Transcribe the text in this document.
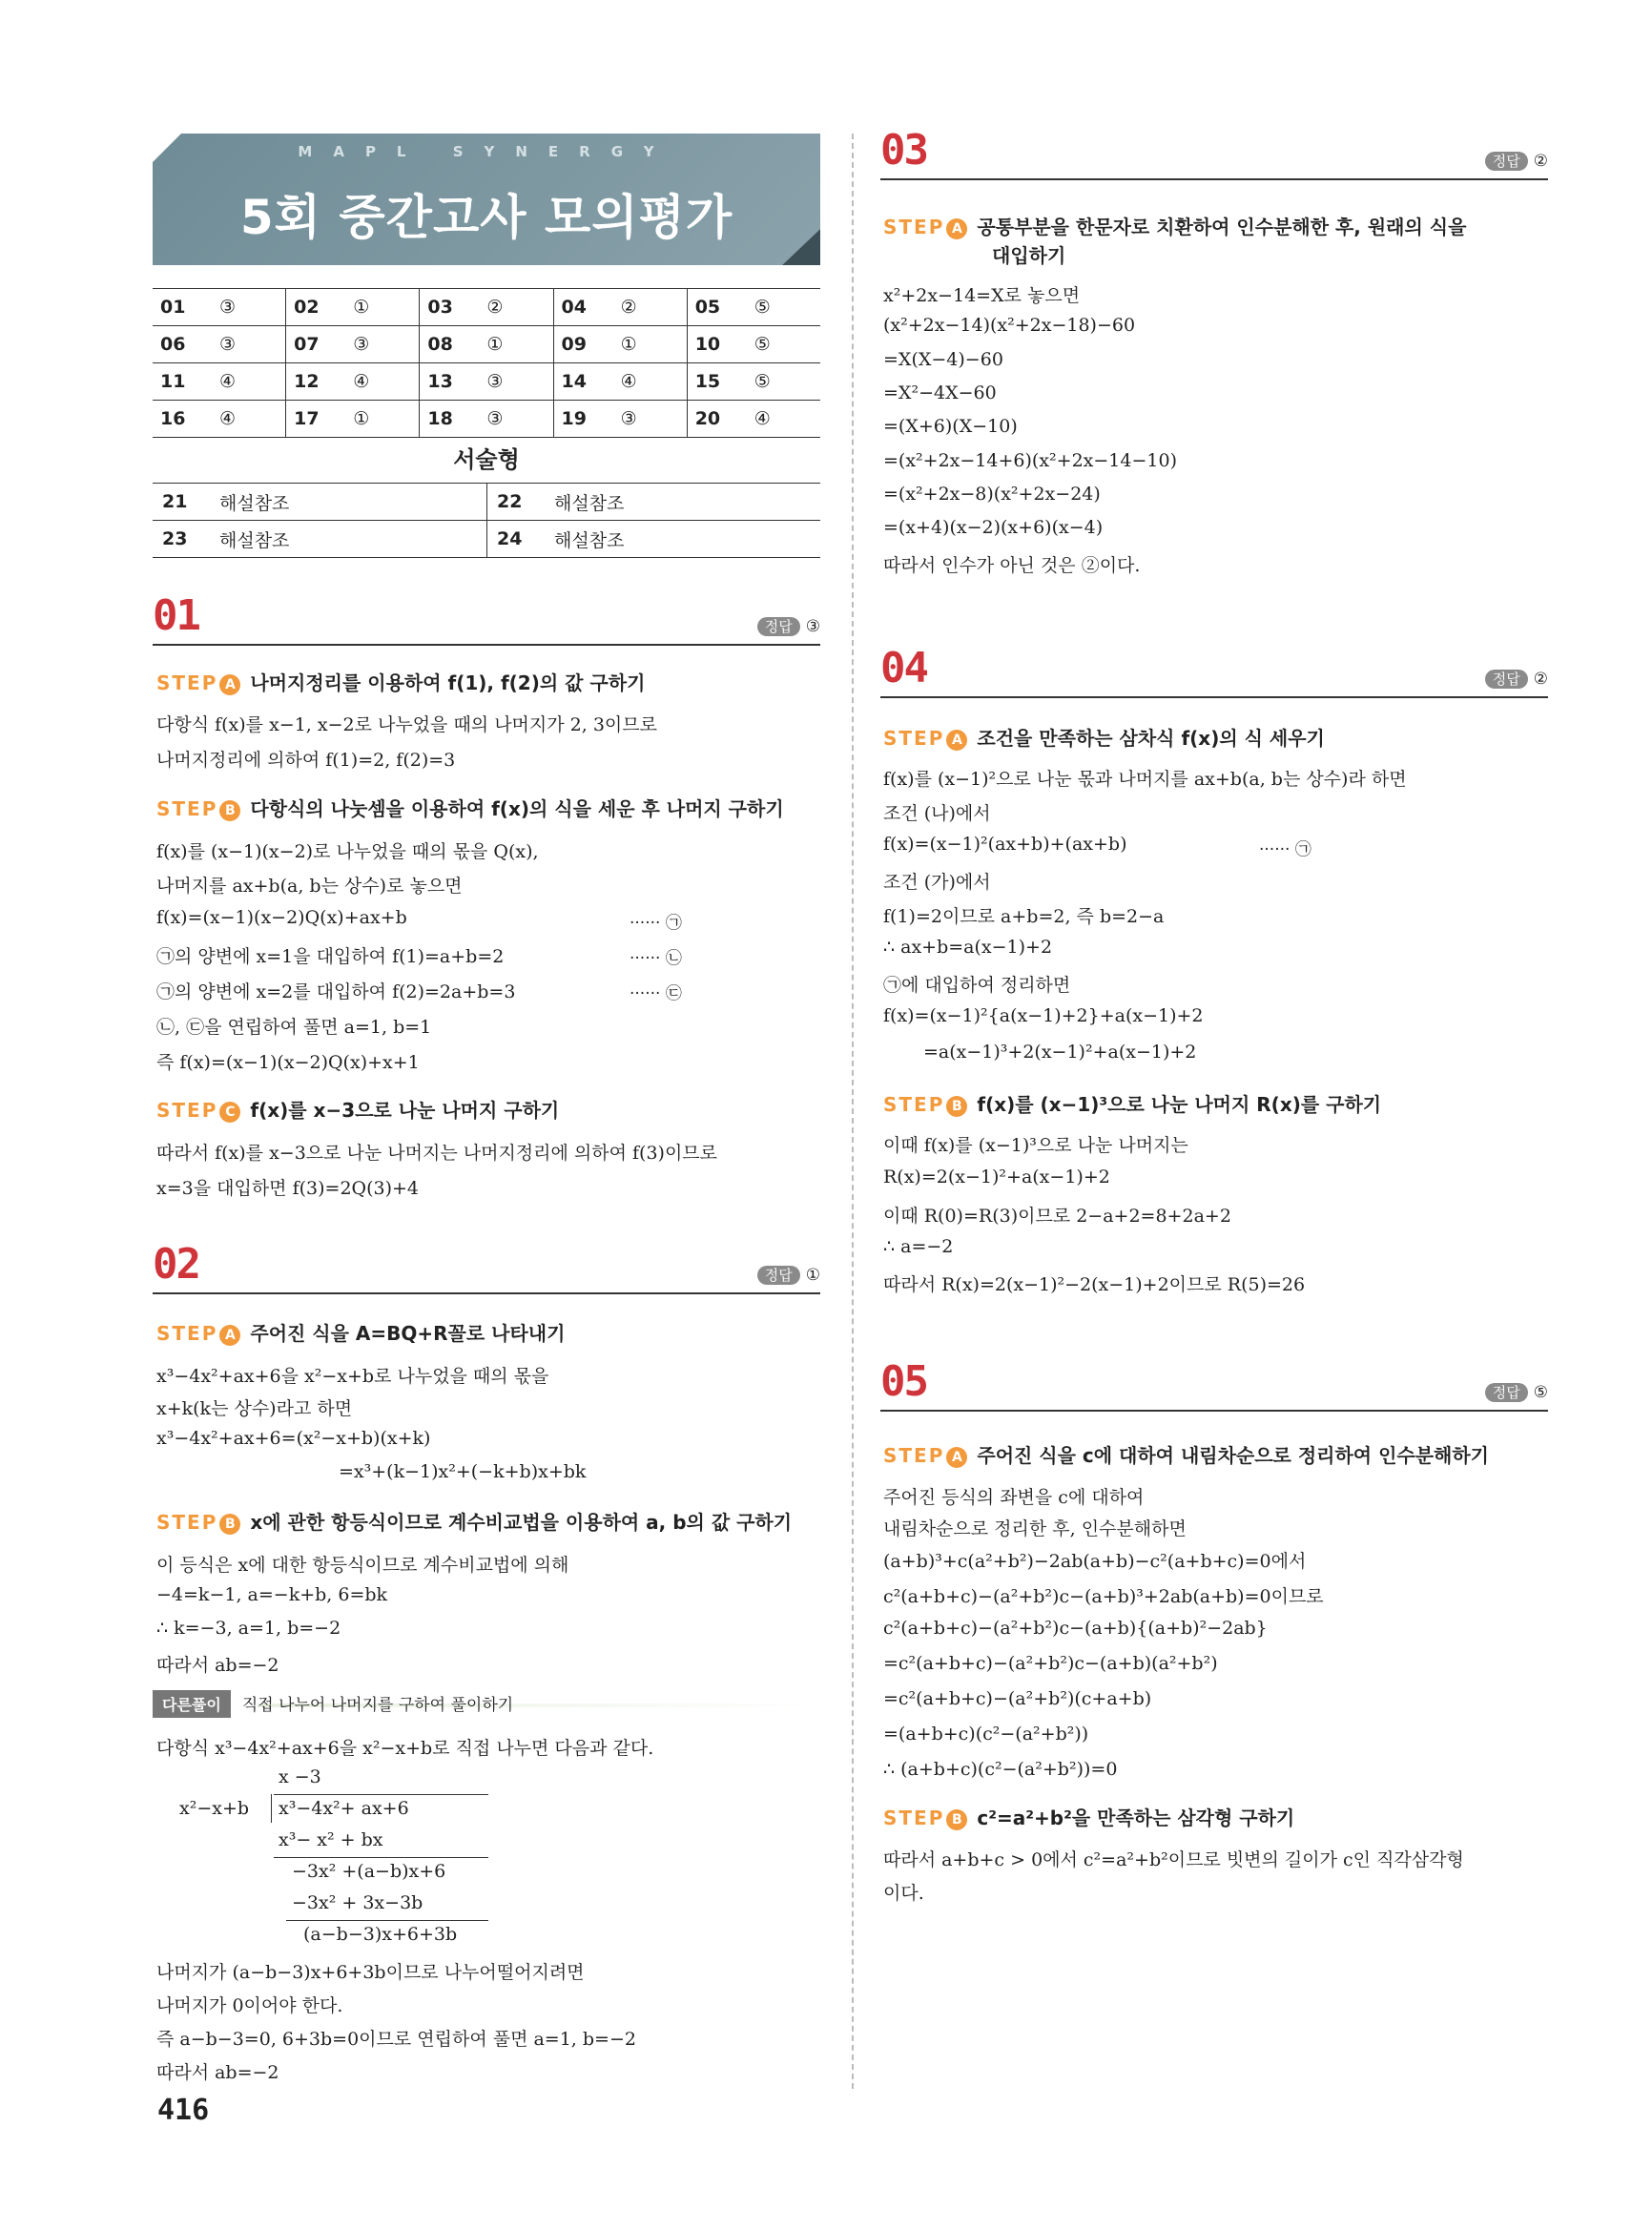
MAPL SYNERGY
5회 중간고사 모의평가
01	③	02	①	03	②	04	②	05	⑤
06	③	07	③	08	①	09	①	10	⑤
11	④	12	④	13	③	14	④	15	⑤
16	④	17	①	18	③	19	③	20	④
서술형
21	해설참조	22	해설참조
23	해설참조	24	해설참조
01	정답 ③
STEP A 나머지정리를 이용하여 f(1), f(2)의 값 구하기
다항식 f(x)를 x−1, x−2로 나누었을 때의 나머지가 2, 3이므로
나머지정리에 의하여 f(1)=2, f(2)=3
STEP B 다항식의 나눗셈을 이용하여 f(x)의 식을 세운 후 나머지 구하기
f(x)를 (x−1)(x−2)로 나누었을 때의 몫을 Q(x),
나머지를 ax+b(a, b는 상수)로 놓으면
f(x)=(x−1)(x−2)Q(x)+ax+b	······ ㉠
㉠의 양변에 x=1을 대입하여 f(1)=a+b=2	······ ㉡
㉠의 양변에 x=2를 대입하여 f(2)=2a+b=3	······ ㉢
㉡, ㉢을 연립하여 풀면 a=1, b=1
즉 f(x)=(x−1)(x−2)Q(x)+x+1
STEP C f(x)를 x−3으로 나눈 나머지 구하기
따라서 f(x)를 x−3으로 나눈 나머지는 나머지정리에 의하여 f(3)이므로
x=3을 대입하면 f(3)=2Q(3)+4
02	정답 ①
STEP A 주어진 식을 A=BQ+R꼴로 나타내기
x³−4x²+ax+6을 x²−x+b로 나누었을 때의 몫을
x+k(k는 상수)라고 하면
x³−4x²+ax+6=(x²−x+b)(x+k)
=x³+(k−1)x²+(−k+b)x+bk
STEP B x에 관한 항등식이므로 계수비교법을 이용하여 a, b의 값 구하기
이 등식은 x에 대한 항등식이므로 계수비교법에 의해
−4=k−1, a=−k+b, 6=bk
∴ k=−3, a=1, b=−2
따라서 ab=−2
다른풀이 직접 나누어 나머지를 구하여 풀이하기
다항식 x³−4x²+ax+6을 x²−x+b로 직접 나누면 다음과 같다.
x −3
x²−x+b x³−4x²+ ax+6
x³− x² + bx
−3x² +(a−b)x+6
−3x² + 3x−3b
(a−b−3)x+6+3b
나머지가 (a−b−3)x+6+3b이므로 나누어떨어지려면
나머지가 0이어야 한다.
즉 a−b−3=0, 6+3b=0이므로 연립하여 풀면 a=1, b=−2
따라서 ab=−2
416
03	정답 ②
STEP A 공통부분을 한문자로 치환하여 인수분해한 후, 원래의 식을
대입하기
x²+2x−14=X로 놓으면
(x²+2x−14)(x²+2x−18)−60
=X(X−4)−60
=X²−4X−60
=(X+6)(X−10)
=(x²+2x−14+6)(x²+2x−14−10)
=(x²+2x−8)(x²+2x−24)
=(x+4)(x−2)(x+6)(x−4)
따라서 인수가 아닌 것은 ②이다.
04	정답 ②
STEP A 조건을 만족하는 삼차식 f(x)의 식 세우기
f(x)를 (x−1)²으로 나눈 몫과 나머지를 ax+b(a, b는 상수)라 하면
조건 (나)에서
f(x)=(x−1)²(ax+b)+(ax+b)	······ ㉠
조건 (가)에서
f(1)=2이므로 a+b=2, 즉 b=2−a
∴ ax+b=a(x−1)+2
㉠에 대입하여 정리하면
f(x)=(x−1)²{a(x−1)+2}+a(x−1)+2
=a(x−1)³+2(x−1)²+a(x−1)+2
STEP B f(x)를 (x−1)³으로 나눈 나머지 R(x)를 구하기
이때 f(x)를 (x−1)³으로 나눈 나머지는
R(x)=2(x−1)²+a(x−1)+2
이때 R(0)=R(3)이므로 2−a+2=8+2a+2
∴ a=−2
따라서 R(x)=2(x−1)²−2(x−1)+2이므로 R(5)=26
05	정답 ⑤
STEP A 주어진 식을 c에 대하여 내림차순으로 정리하여 인수분해하기
주어진 등식의 좌변을 c에 대하여
내림차순으로 정리한 후, 인수분해하면
(a+b)³+c(a²+b²)−2ab(a+b)−c²(a+b+c)=0에서
c²(a+b+c)−(a²+b²)c−(a+b)³+2ab(a+b)=0이므로
c²(a+b+c)−(a²+b²)c−(a+b){(a+b)²−2ab}
=c²(a+b+c)−(a²+b²)c−(a+b)(a²+b²)
=c²(a+b+c)−(a²+b²)(c+a+b)
=(a+b+c)(c²−(a²+b²))
∴ (a+b+c)(c²−(a²+b²))=0
STEP B c²=a²+b²을 만족하는 삼각형 구하기
따라서 a+b+c > 0에서 c²=a²+b²이므로 빗변의 길이가 c인 직각삼각형
이다.
